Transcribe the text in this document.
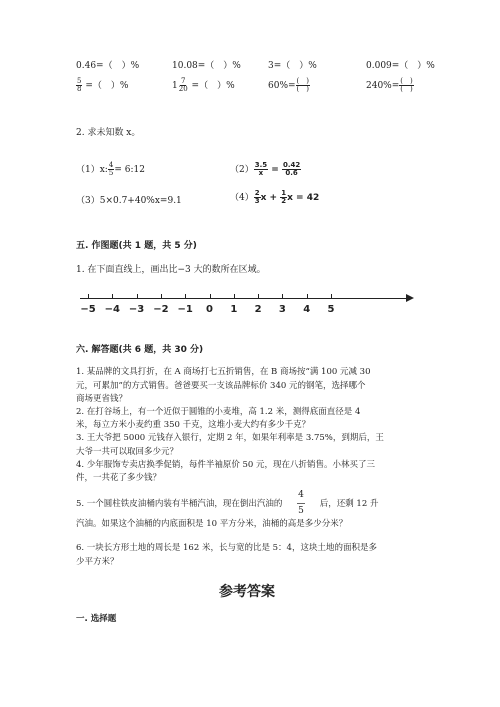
0.46=（　）%	10.08=（　）%	3=（　）%	0.009=（　）%
$\frac{5}{8}$ =（　）%	$1 \frac{7}{20}$ =（　）%	$60\%= \frac{( )}{( )}$	$240\%= \frac{( )}{( )}$
2. 求未知数 x。
（1）x: $\frac{4}{5}$ = 6:12	$(2) \frac{3.5}{x} = \frac{0.42}{0.6}$
（3）5×0.7+40%x=9.1	$(4) \frac{2}{3}$ $x + \frac{1}{2}$ x = 42
五. 作图题(共 1 题，共 5 分)
1. 在下面直线上，画出比−3 大的数所在区域。
−5 −4 −3 −2 −1 0 1 2 3 4 5
六. 解答题(共 6 题，共 30 分)
1. 某品牌的文具打折，在 A 商场打七五折销售，在 B 商场按“满 100 元减 30
元，可累加”的方式销售。爸爸要买一支该品牌标价 340 元的钢笔，选择哪个
商场更省钱？
2. 在打谷场上，有一个近似于圆锥的小麦堆，高 1.2 米，测得底面直径是 4
米，每立方米小麦约重 350 千克，这堆小麦大约有多少千克？
3. 王大爷把 5000 元钱存入银行，定期 2 年，如果年利率是 3.75%，到期后，王
大爷一共可以取回多少元？
4. 少年服饰专卖店换季促销，每件半袖原价 50 元，现在八折销售。小林买了三
件，一共花了多少钱？
5. 一个圆柱铁皮油桶内装有半桶汽油，现在倒出汽油的 $\frac{4}{5}$ 后，还剩 12 升
汽油。如果这个油桶的内底面积是 10 平方分米，油桶的高是多少分米？
6. 一块长方形土地的周长是 162 米，长与宽的比是 5：4，这块土地的面积是多
少平方米？
参考答案
一. 选择题
